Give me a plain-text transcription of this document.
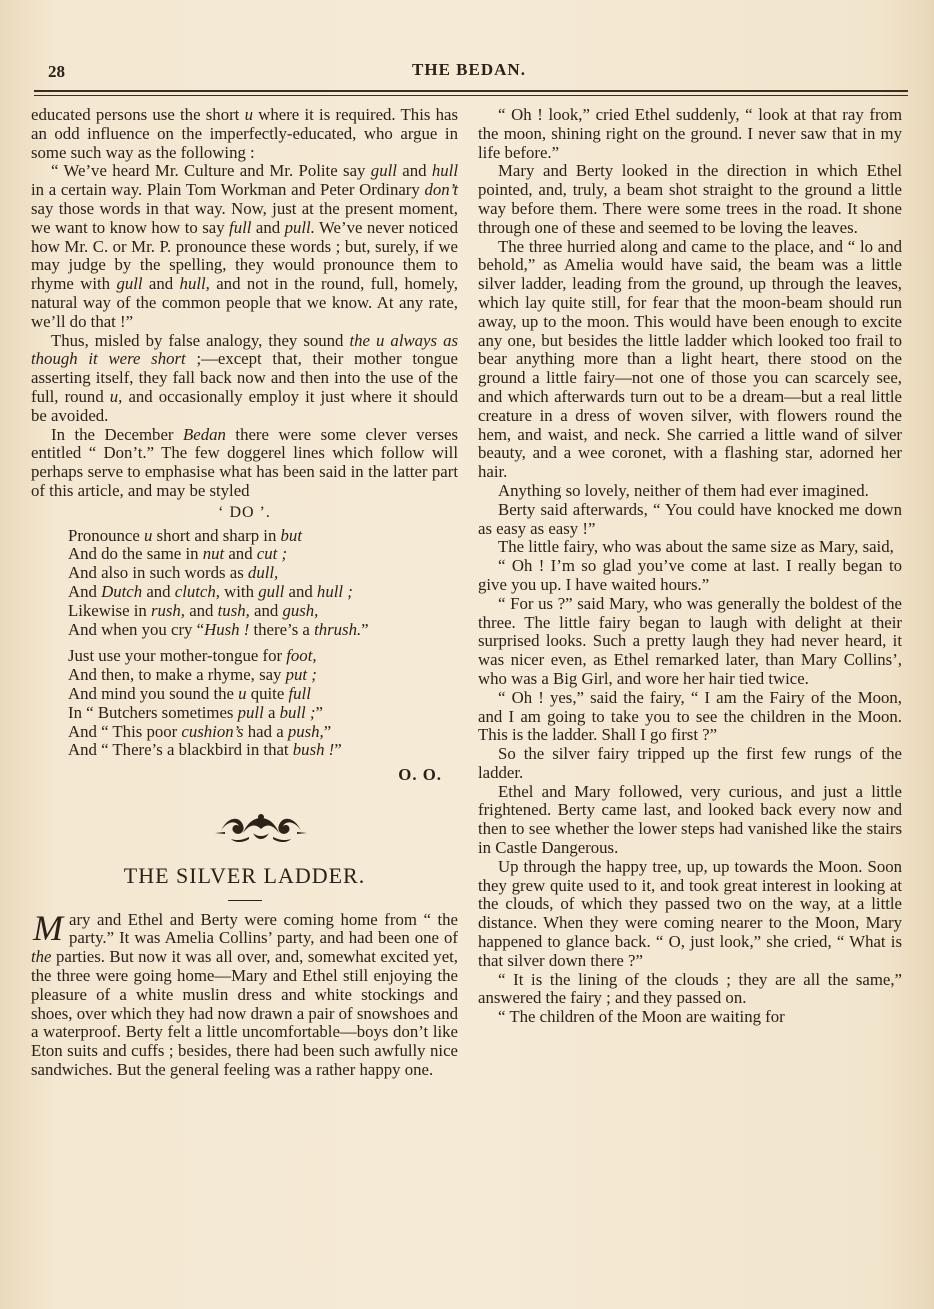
28	THE BEDAN.

educated persons use the short u where it is required. This has an odd influence on the imperfectly-educated, who argue in some such way as the following :

“ We’ve heard Mr. Culture and Mr. Polite say gull and hull in a certain way. Plain Tom Workman and Peter Ordinary don’t say those words in that way. Now, just at the present moment, we want to know how to say full and pull. We’ve never noticed how Mr. C. or Mr. P. pronounce these words ; but, surely, if we may judge by the spelling, they would pronounce them to rhyme with gull and hull, and not in the round, full, homely, natural way of the common people that we know. At any rate, we’ll do that !”

Thus, misled by false analogy, they sound the u always as though it were short ;—except that, their mother tongue asserting itself, they fall back now and then into the use of the full, round u, and occasionally employ it just where it should be avoided.

In the December Bedan there were some clever verses entitled “ Don’t.” The few doggerel lines which follow will perhaps serve to emphasise what has been said in the latter part of this article, and may be styled

‘ DO ’.
Pronounce u short and sharp in but
And do the same in nut and cut ;
And also in such words as dull,
And Dutch and clutch, with gull and hull ;
Likewise in rush, and tush, and gush,
And when you cry “Hush ! there’s a thrush.”
Just use your mother-tongue for foot,
And then, to make a rhyme, say put ;
And mind you sound the u quite full
In “ Butchers sometimes pull a bull ;”
And “ This poor cushion’s had a push,”
And “ There’s a blackbird in that bush !”
O. O.
THE SILVER LADDER.

Mary and Ethel and Berty were coming home from “ the party.” It was Amelia Collins’ party, and had been one of the parties. But now it was all over, and, somewhat excited yet, the three were going home—Mary and Ethel still enjoying the pleasure of a white muslin dress and white stockings and shoes, over which they had now drawn a pair of snowshoes and a waterproof. Berty felt a little uncomfortable—boys don’t like Eton suits and cuffs ; besides, there had been such awfully nice sandwiches. But the general feeling was a rather happy one.

“ Oh ! look,” cried Ethel suddenly, “ look at that ray from the moon, shining right on the ground. I never saw that in my life before.”

Mary and Berty looked in the direction in which Ethel pointed, and, truly, a beam shot straight to the ground a little way before them. There were some trees in the road. It shone through one of these and seemed to be loving the leaves.

The three hurried along and came to the place, and “ lo and behold,” as Amelia would have said, the beam was a little silver ladder, leading from the ground, up through the leaves, which lay quite still, for fear that the moon-beam should run away, up to the moon. This would have been enough to excite any one, but besides the little ladder which looked too frail to bear anything more than a light heart, there stood on the ground a little fairy—not one of those you can scarcely see, and which afterwards turn out to be a dream—but a real little creature in a dress of woven silver, with flowers round the hem, and waist, and neck. She carried a little wand of silver beauty, and a wee coronet, with a flashing star, adorned her hair.

Anything so lovely, neither of them had ever imagined.

Berty said afterwards, “ You could have knocked me down as easy as easy !”

The little fairy, who was about the same size as Mary, said,

“ Oh ! I’m so glad you’ve come at last. I really began to give you up. I have waited hours.”

“ For us ?” said Mary, who was generally the boldest of the three. The little fairy began to laugh with delight at their surprised looks. Such a pretty laugh they had never heard, it was nicer even, as Ethel remarked later, than Mary Collins’, who was a Big Girl, and wore her hair tied twice.

“ Oh ! yes,” said the fairy, “ I am the Fairy of the Moon, and I am going to take you to see the children in the Moon. This is the ladder. Shall I go first ?”

So the silver fairy tripped up the first few rungs of the ladder.

Ethel and Mary followed, very curious, and just a little frightened. Berty came last, and looked back every now and then to see whether the lower steps had vanished like the stairs in Castle Dangerous.

Up through the happy tree, up, up towards the Moon. Soon they grew quite used to it, and took great interest in looking at the clouds, of which they passed two on the way, at a little distance. When they were coming nearer to the Moon, Mary happened to glance back. “ O, just look,” she cried, “ What is that silver down there ?”

“ It is the lining of the clouds ; they are all the same,” answered the fairy ; and they passed on.

“ The children of the Moon are waiting for
